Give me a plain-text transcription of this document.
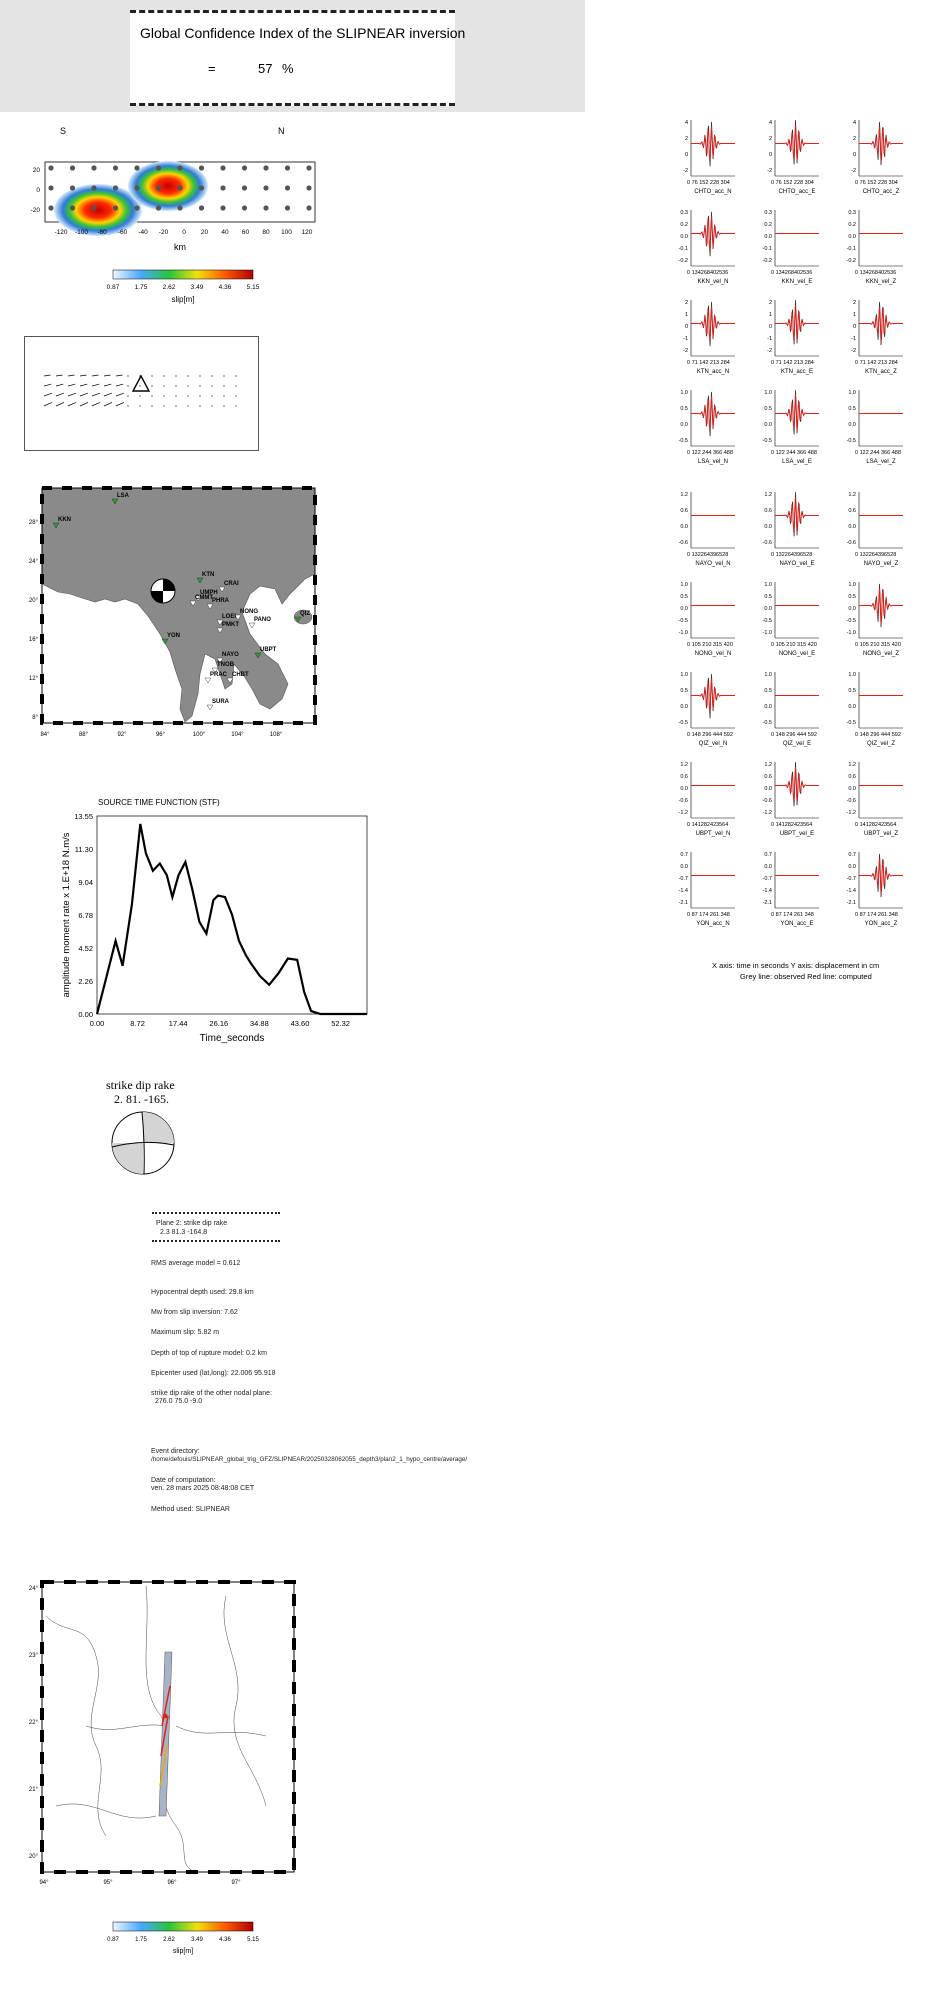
Global Confidence Index of the SLIPNEAR inversion
=	57 %
S	N
-120 -100 -80 -60 -40 -20 0 20 40 60 80 100 120
20
0
-20
km
0.87 1.75 2.62 3.49 4.36 5.15
slip[m]
LSA
KKN
KTN
CRAI
UMPH
CMMT PHRA
NONG
LOEI
PMKT
PANO
QIZ
YON
NAYO
UBPT
TNOB
PRAC CHBT
SURA
28°
24°
20°
16°
12°
8°
84°	88°	92°	96°	100°	104°	108°
SOURCE TIME FUNCTION (STF)
13.55
11.30
9.04
6.78
4.52
2.26
0.00
0.00	8.72	17.44	26.16	34.88	43.60	52.32
amplitude moment rate x 1.E+18 N.m/s
Time_seconds
strike dip rake
2. 81. -165.
Plane 2: strike dip rake
2.3 81.3 -164.8
RMS average model = 0.612
Hypocentral depth used: 29.8 km
Mw from slip inversion: 7.62
Maximum slip: 5.82 m
Depth of top of rupture model: 0.2 km
Epicenter used (lat,long): 22.006 95.918
strike dip rake of the other nodal plane:
276.0 75.0 -9.0
Event directory:
/home/defouis/SLIPNEAR_global_trig_GFZ/SLIPNEAR/20250328062055_depth3/plan2_1_hypo_centre/average/
Date of computation:
ven. 28 mars 2025 08:48:08 CET
Method used: SLIPNEAR
24°
23°
22°
21°
20°
94°	95°	96°	97°
0.87	1.75	2.62	3.49	4.36	5.15
slip[m]
4
2
0
-2
0 76 152 228 304
CHTO_acc_N
4
2
0
-2
0 76 152 228 304
CHTO_acc_E
4
2
0
-2
0 76 152 228 304
CHTO_acc_Z
0.3
0.2
0.0
-0.1
-0.2
0 134268402536
KKN_vel_N
0.3
0.2
0.0
-0.1
-0.2
0 134268402536
KKN_vel_E
0.3
0.2
0.0
-0.1
-0.2
0 134268402536
KKN_vel_Z
2
1
0
-1
-2
0 71 142 213 284
KTN_acc_N
2
1
0
-1
-2
0 71 142 213 284
KTN_acc_E
2
1
0
-1
-2
0 71 142 213 284
KTN_acc_Z
1.0
0.5
0.0
-0.5
0 122 244 366 488
LSA_vel_N
1.0
0.5
0.0
-0.5
0 122 244 366 488
LSA_vel_E
1.0
0.5
0.0
-0.5
0 122 244 366 488
LSA_vel_Z
1.2
0.6
0.0
-0.6
0 132264396528
NAYO_vel_N
1.2
0.6
0.0
-0.6
0 132264396528
NAYO_vel_E
1.2
0.6
0.0
-0.6
0 132264396528
NAYO_vel_Z
1.0
0.5
0.0
-0.5
-1.0
0 105 210 315 420
NONG_vel_N
1.0
0.5
0.0
-0.5
-1.0
0 105 210 315 420
NONG_vel_E
1.0
0.5
0.0
-0.5
-1.0
0 105 210 315 420
NONG_vel_Z
1.0
0.5
0.0
-0.5
0 148 296 444 592
QIZ_vel_N
1.0
0.5
0.0
-0.5
0 148 296 444 592
QIZ_vel_E
1.0
0.5
0.0
-0.5
0 148 296 444 592
QIZ_vel_Z
1.2
0.6
0.0
-0.6
-1.2
0 141282423564
UBPT_vel_N
1.2
0.6
0.0
-0.6
-1.2
0 141282423564
UBPT_vel_E
1.2
0.6
0.0
-0.6
-1.2
0 141282423564
UBPT_vel_Z
0.7
0.0
-0.7
-1.4
-2.1
0 87 174 261 348
YON_acc_N
0.7
0.0
-0.7
-1.4
-2.1
0 87 174 261 348
YON_acc_E
0.7
0.0
-0.7
-1.4
-2.1
0 87 174 261 348
YON_acc_Z
X axis: time in seconds Y axis: displacement in cm
Grey line: observed Red line: computed
